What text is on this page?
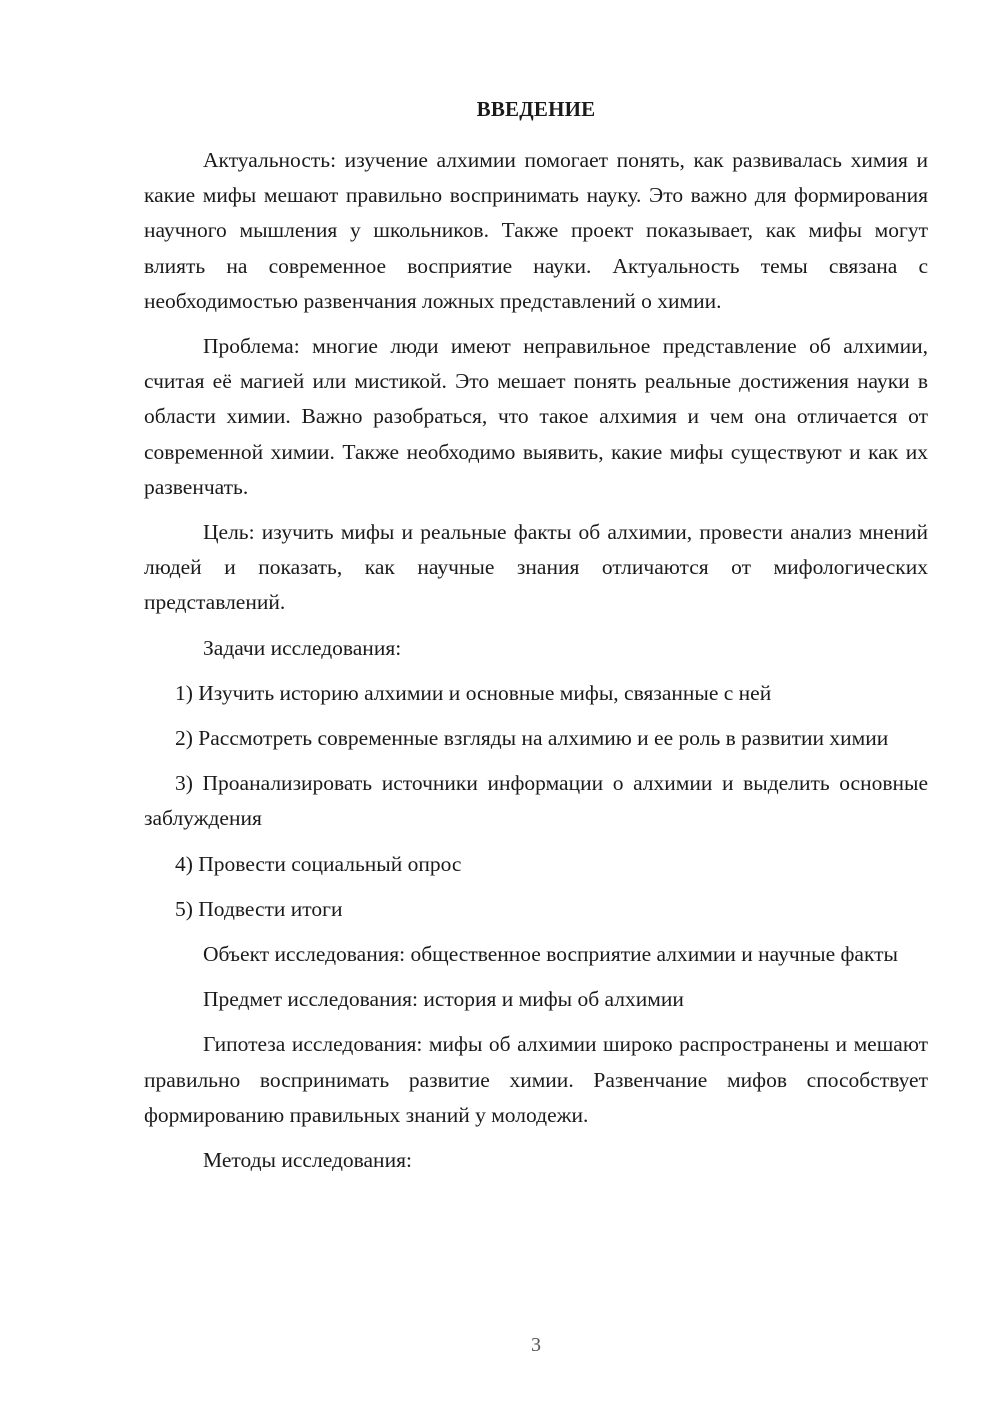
ВВЕДЕНИЕ

Актуальность: изучение алхимии помогает понять, как развивалась химия и какие мифы мешают правильно воспринимать науку. Это важно для формирования научного мышления у школьников. Также проект показывает, как мифы могут влиять на современное восприятие науки. Актуальность темы связана с необходимостью развенчания ложных представлений о химии.

Проблема: многие люди имеют неправильное представление об алхимии, считая её магией или мистикой. Это мешает понять реальные достижения науки в области химии. Важно разобраться, что такое алхимия и чем она отличается от современной химии. Также необходимо выявить, какие мифы существуют и как их развенчать.

Цель: изучить мифы и реальные факты об алхимии, провести анализ мнений людей и показать, как научные знания отличаются от мифологических представлений.

Задачи исследования:

1) Изучить историю алхимии и основные мифы, связанные с ней

2) Рассмотреть современные взгляды на алхимию и ее роль в развитии химии

3) Проанализировать источники информации о алхимии и выделить основные заблуждения

4) Провести социальный опрос

5) Подвести итоги

Объект исследования: общественное восприятие алхимии и научные факты

Предмет исследования: история и мифы об алхимии

Гипотеза исследования: мифы об алхимии широко распространены и мешают правильно воспринимать развитие химии. Развенчание мифов способствует формированию правильных знаний у молодежи.

Методы исследования:

3
